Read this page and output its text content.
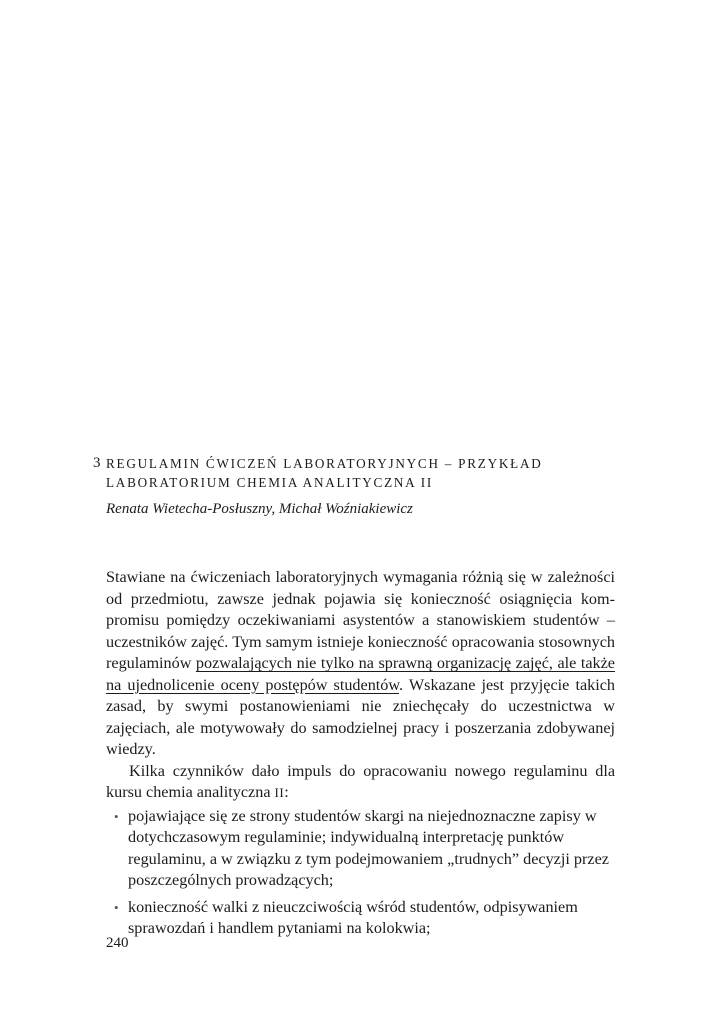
3 REGULAMIN ĆWICZEŃ LABORATORYJNYCH – PRZYKŁAD
LABORATORIUM CHEMIA ANALITYCZNA II
Renata Wietecha-Posłuszny, Michał Woźniakiewicz

Stawiane na ćwiczeniach laboratoryjnych wymagania różnią się w zależności od przedmiotu, zawsze jednak pojawia się konieczność osiągnięcia kompromisu pomiędzy oczekiwaniami asystentów a stanowiskiem studentów – uczestników zajęć. Tym samym istnieje konieczność opracowania stosownych regulaminów pozwalających nie tylko na sprawną organizację zajęć, ale także na ujednolicenie oceny postępów studentów. Wskazane jest przyjęcie takich zasad, by swymi postanowieniami nie zniechęcały do uczestnictwa w zajęciach, ale motywowały do samodzielnej pracy i poszerzania zdobywanej wiedzy.

Kilka czynników dało impuls do opracowaniu nowego regulaminu dla kursu chemia analityczna II:

• pojawiające się ze strony studentów skargi na niejednoznaczne zapisy w dotychczasowym regulaminie; indywidualną interpretację punktów regulaminu, a w związku z tym podejmowaniem „trudnych” decyzji przez poszczególnych prowadzących;
• konieczność walki z nieuczciwością wśród studentów, odpisywaniem sprawozdań i handlem pytaniami na kolokwia;
240
